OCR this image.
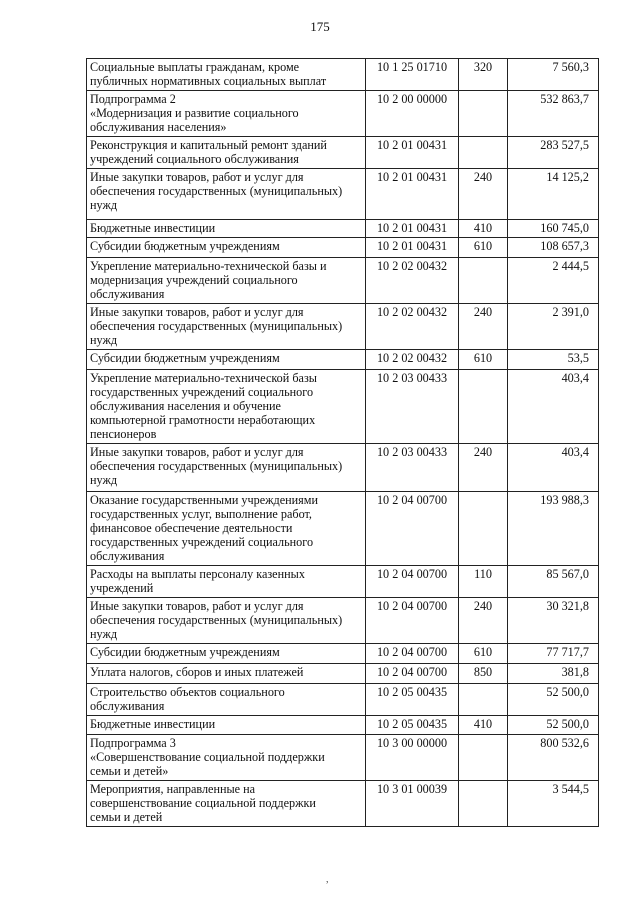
175
Социальные выплаты гражданам, кроме
публичных нормативных социальных выплат	10 1 25 01710	320	7 560,3

Подпрограмма 2
«Модернизация и развитие социального
обслуживания населения»	10 2 00 00000		532 863,7

Реконструкция и капитальный ремонт зданий
учреждений социального обслуживания	10 2 01 00431		283 527,5

Иные закупки товаров, работ и услуг для
обеспечения государственных (муниципальных)
нужд	10 2 01 00431	240	14 125,2

Бюджетные инвестиции	10 2 01 00431	410	160 745,0

Субсидии бюджетным учреждениям	10 2 01 00431	610	108 657,3

Укрепление материально-технической базы и
модернизация учреждений социального
обслуживания	10 2 02 00432		2 444,5

Иные закупки товаров, работ и услуг для
обеспечения государственных (муниципальных)
нужд	10 2 02 00432	240	2 391,0

Субсидии бюджетным учреждениям	10 2 02 00432	610	53,5

Укрепление материально-технической базы
государственных учреждений социального
обслуживания населения и обучение
компьютерной грамотности неработающих
пенсионеров	10 2 03 00433		403,4

Иные закупки товаров, работ и услуг для
обеспечения государственных (муниципальных)
нужд	10 2 03 00433	240	403,4

Оказание государственными учреждениями
государственных услуг, выполнение работ,
финансовое обеспечение деятельности
государственных учреждений социального
обслуживания	10 2 04 00700		193 988,3

Расходы на выплаты персоналу казенных
учреждений	10 2 04 00700	110	85 567,0

Иные закупки товаров, работ и услуг для
обеспечения государственных (муниципальных)
нужд	10 2 04 00700	240	30 321,8

Субсидии бюджетным учреждениям	10 2 04 00700	610	77 717,7

Уплата налогов, сборов и иных платежей	10 2 04 00700	850	381,8

Строительство объектов социального
обслуживания	10 2 05 00435		52 500,0

Бюджетные инвестиции	10 2 05 00435	410	52 500,0

Подпрограмма 3
«Совершенствование социальной поддержки
семьи и детей»	10 3 00 00000		800 532,6

Мероприятия, направленные на
совершенствование социальной поддержки
семьи и детей	10 3 01 00039		3 544,5
,
